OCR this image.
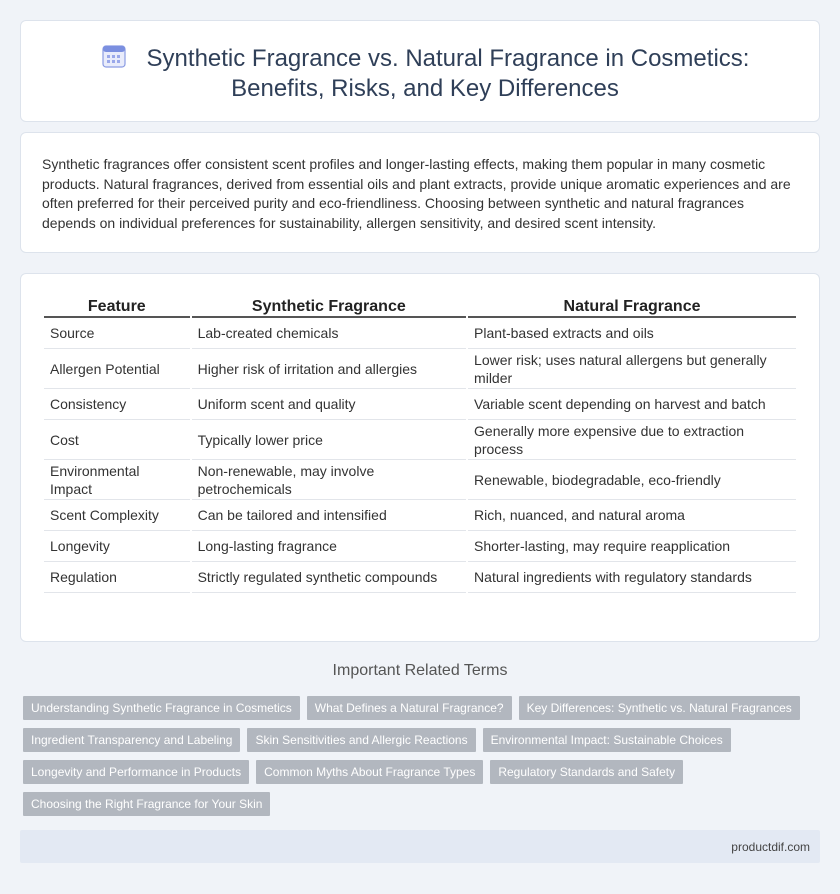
Synthetic Fragrance vs. Natural Fragrance in Cosmetics: Benefits, Risks, and Key Differences

Synthetic fragrances offer consistent scent profiles and longer-lasting effects, making them popular in many cosmetic products. Natural fragrances, derived from essential oils and plant extracts, provide unique aromatic experiences and are often preferred for their perceived purity and eco-friendliness. Choosing between synthetic and natural fragrances depends on individual preferences for sustainability, allergen sensitivity, and desired scent intensity.

Feature	Synthetic Fragrance	Natural Fragrance
Source	Lab-created chemicals	Plant-based extracts and oils
Allergen Potential	Higher risk of irritation and allergies	Lower risk; uses natural allergens but generally milder
Consistency	Uniform scent and quality	Variable scent depending on harvest and batch
Cost	Typically lower price	Generally more expensive due to extraction process
Environmental Impact	Non-renewable, may involve petrochemicals	Renewable, biodegradable, eco-friendly
Scent Complexity	Can be tailored and intensified	Rich, nuanced, and natural aroma
Longevity	Long-lasting fragrance	Shorter-lasting, may require reapplication
Regulation	Strictly regulated synthetic compounds	Natural ingredients with regulatory standards
Important Related Terms
Understanding Synthetic Fragrance in Cosmetics	What Defines a Natural Fragrance?	Key Differences: Synthetic vs. Natural Fragrances
Ingredient Transparency and Labeling	Skin Sensitivities and Allergic Reactions	Environmental Impact: Sustainable Choices
Longevity and Performance in Products	Common Myths About Fragrance Types	Regulatory Standards and Safety
Choosing the Right Fragrance for Your Skin
productdif.com
